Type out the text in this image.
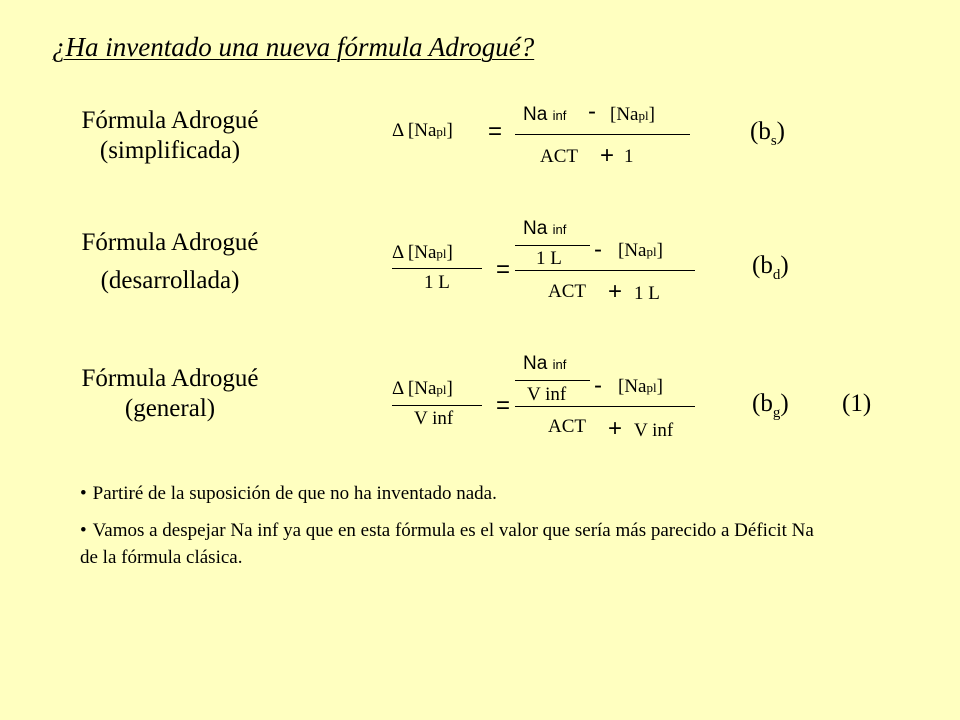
¿Ha inventado una nueva fórmula Adrogué?
Fórmula Adrogué
(simplificada)
Δ [Napl] =
Na inf - [Napl]
ACT + 1
$(b_s)$
Fórmula Adrogué
(desarrollada)
Δ [Napl]
1 L =
Na inf
1 L - [Napl]
ACT + 1 L
$(b_d)$
Fórmula Adrogué
(general)
Δ [Napl]
V inf =
Na inf
V inf - [Napl]
ACT + V inf
$(b_g)$ (1)
• Partiré de la suposición de que no ha inventado nada.
• Vamos a despejar Na inf ya que en esta fórmula es el valor que sería más parecido a Déficit Na de la fórmula clásica.
